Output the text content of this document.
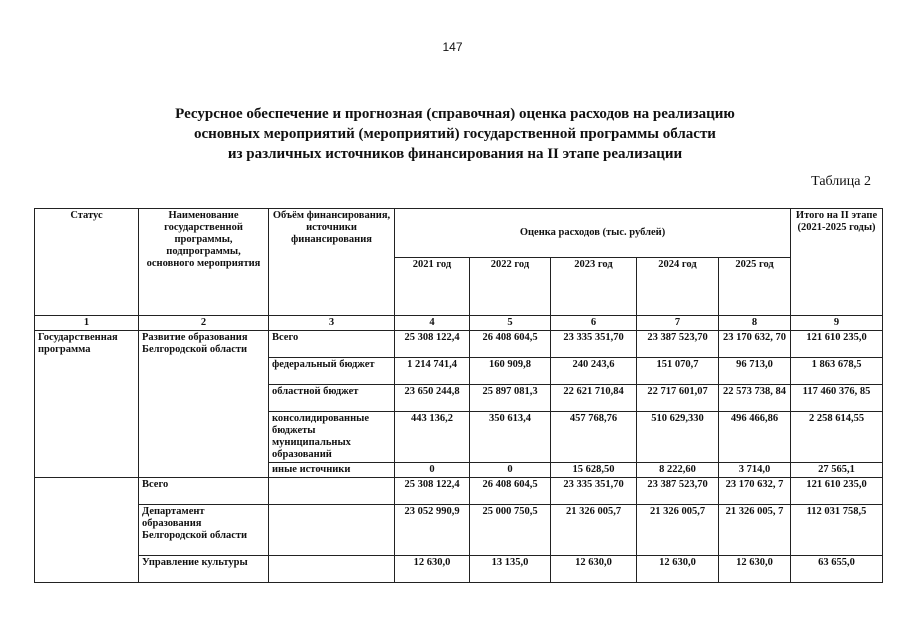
147
Ресурсное обеспечение и прогнозная (справочная) оценка расходов на реализацию
основных мероприятий (мероприятий) государственной программы области
из различных источников финансирования на II этапе реализации
Таблица 2
Статус	Наименование государственной программы, подпрограммы, основного мероприятия	Объём финансирования, источники финансирования	Оценка расходов (тыс. рублей)					Итого на II этапе (2021-2025 годы)
			2021 год	2022 год	2023 год	2024 год	2025 год	
1	2	3	4	5	6	7	8	9
Государственная программа	Развитие образования Белгородской области	Всего	25 308 122,4	26 408 604,5	23 335 351,70	23 387 523,70	23 170 632, 70	121 610 235,0
		федеральный бюджет	1 214 741,4	160 909,8	240 243,6	151 070,7	96 713,0	1 863 678,5
		областной бюджет	23 650 244,8	25 897 081,3	22 621 710,84	22 717 601,07	22 573 738, 84	117 460 376, 85
		консолидированные бюджеты муниципальных образований	443 136,2	350 613,4	457 768,76	510 629,330	496 466,86	2 258 614,55
		иные источники	0	0	15 628,50	8 222,60	3 714,0	27 565,1
	Всего		25 308 122,4	26 408 604,5	23 335 351,70	23 387 523,70	23 170 632, 7	121 610 235,0
	Департамент образования Белгородской области		23 052 990,9	25 000 750,5	21 326 005,7	21 326 005,7	21 326 005, 7	112 031 758,5
	Управление культуры		12 630,0	13 135,0	12 630,0	12 630,0	12 630,0	63 655,0
